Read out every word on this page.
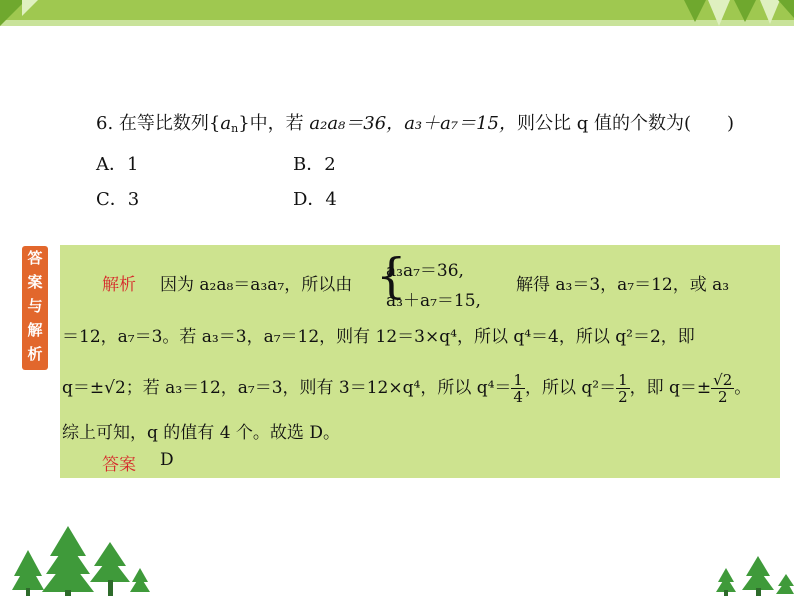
6. 在等比数列$\{a_n\}$中，若 a₂a₈＝36，a₃＋a₇＝15，则公比 q 值的个数为(　　)
A．1	B．2
C．3	D．4
答
案
与
解
析
解析 因为 a₂a₈＝a₃a₇，所以由 {
a₃a₇＝36,
a₃＋a₇＝15,
解得 a₃＝3，a₇＝12，或 a₃
＝12，a₇＝3。若 a₃＝3，a₇＝12，则有 12＝3×q⁴，所以 q⁴＝4，所以 q²＝2，即
q＝±√2；若 a₃＝12，a₇＝3，则有 3＝12×q⁴，所以 $q^4= \frac{1}{4}$ ，所以 $q^2= \frac{1}{2}$ ，即 $q=\pm \frac{√2}{2}$ 。
综上可知，q 的值有 4 个。故选 D。
答案 D
